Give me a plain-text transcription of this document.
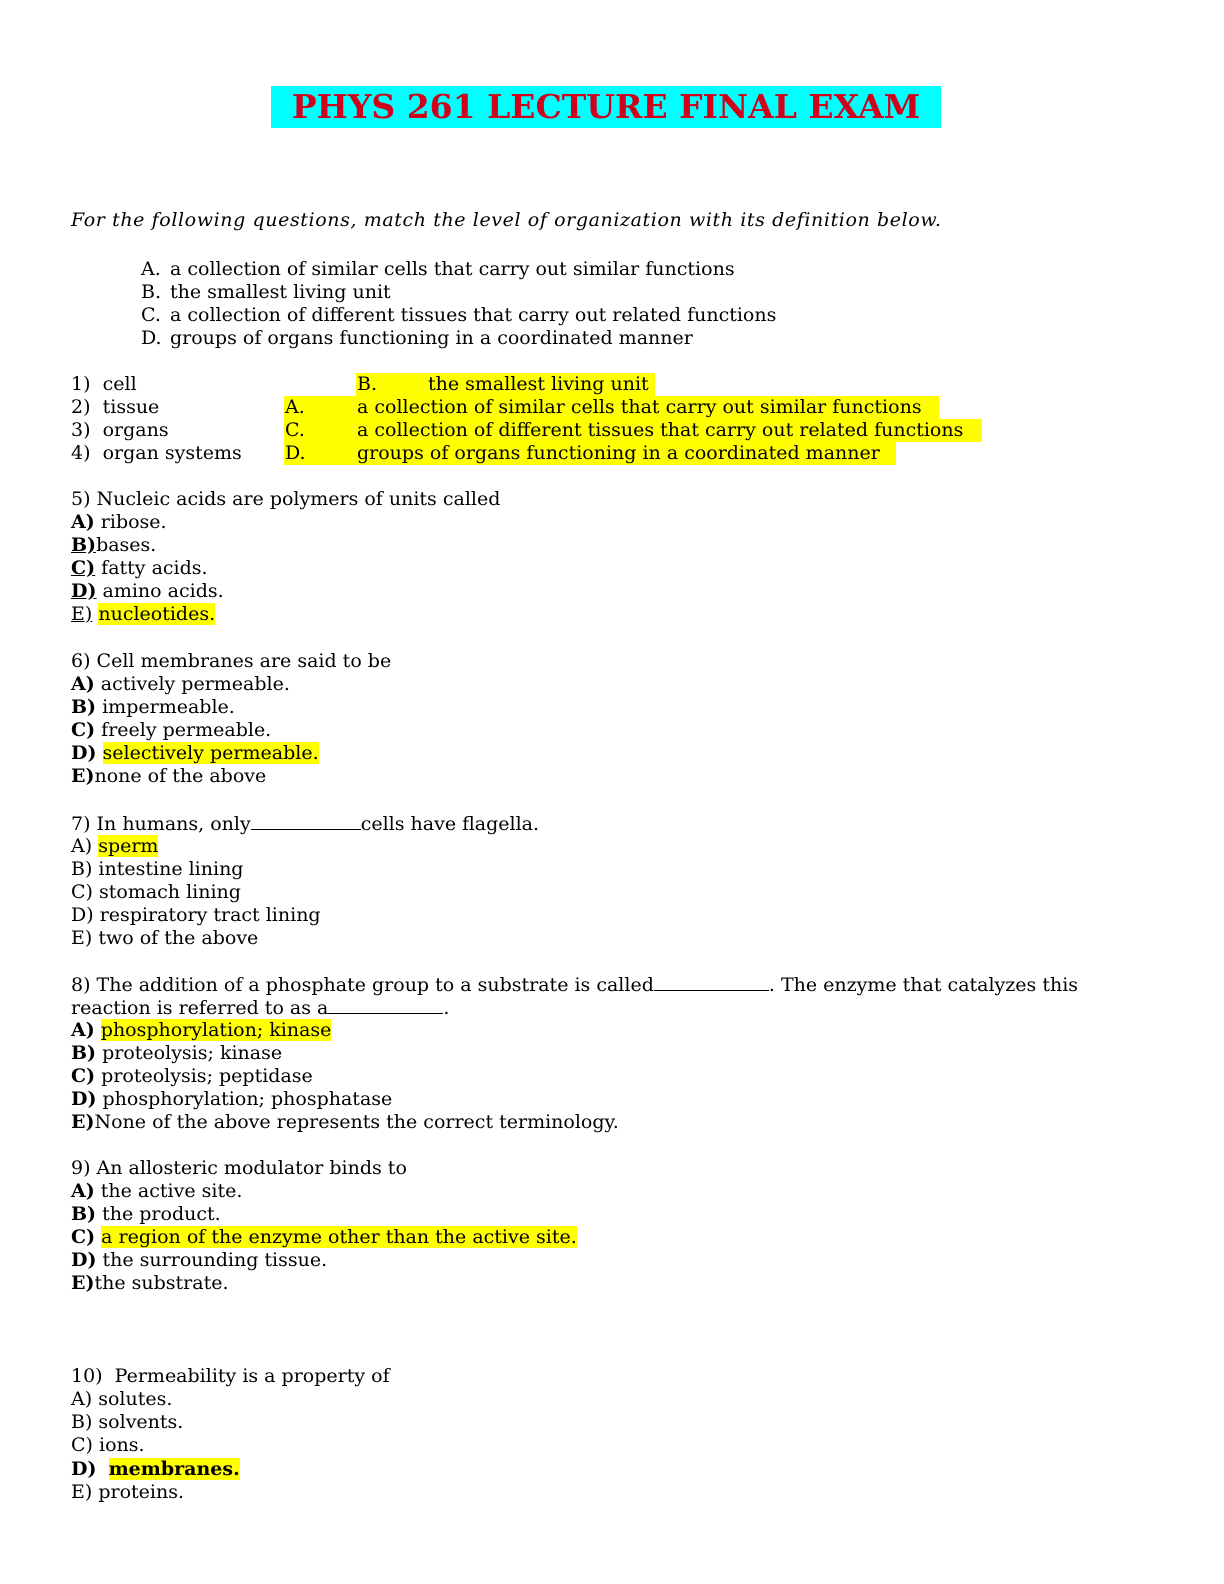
PHYS 261 LECTURE FINAL EXAM
For the following questions, match the level of organization with its definition below.
A. a collection of similar cells that carry out similar functions
B. the smallest living unit
C. a collection of different tissues that carry out related functions
D. groups of organs functioning in a coordinated manner
1) cell	B.	the smallest living unit
2) tissue	A.	a collection of similar cells that carry out similar functions
3) organs	C.	a collection of different tissues that carry out related functions
4) organ systems D.	groups of organs functioning in a coordinated manner
5) Nucleic acids are polymers of units called
A) ribose.
B)bases.
C) fatty acids.
D) amino acids.
E) nucleotides.
6) Cell membranes are said to be
A) actively permeable.
B) impermeable.
C) freely permeable.
D) selectively permeable.
E)none of the above
7) In humans, only	cells have flagella.
A) sperm
B) intestine lining
C) stomach lining
D) respiratory tract lining
E) two of the above
8) The addition of a phosphate group to a substrate is called	. The enzyme that catalyzes this
reaction is referred to as a	.
A) phosphorylation; kinase
B) proteolysis; kinase
C) proteolysis; peptidase
D) phosphorylation; phosphatase
E)None of the above represents the correct terminology.
9) An allosteric modulator binds to
A) the active site.
B) the product.
C) a region of the enzyme other than the active site.
D) the surrounding tissue.
E)the substrate.
10)  Permeability is a property of
A) solutes.
B) solvents.
C) ions.
D) membranes.
E) proteins.
